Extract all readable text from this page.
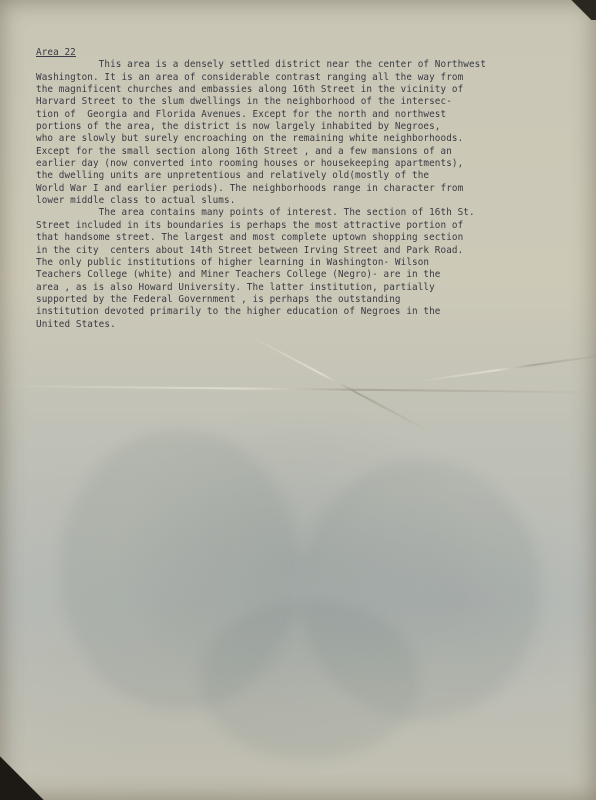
Area 22
This area is a densely settled district near the center of Northwest
Washington. It is an area of considerable contrast ranging all the way from
the magnificent churches and embassies along 16th Street in the vicinity of
Harvard Street to the slum dwellings in the neighborhood of the intersec-
tion of  Georgia and Florida Avenues. Except for the north and northwest
portions of the area, the district is now largely inhabited by Negroes,
who are slowly but surely encroaching on the remaining white neighborhoods.
Except for the small section along 16th Street , and a few mansions of an
earlier day (now converted into rooming houses or housekeeping apartments),
the dwelling units are unpretentious and relatively old(mostly of the
World War I and earlier periods). The neighborhoods range in character from
lower middle class to actual slums.
The area contains many points of interest. The section of 16th St.
Street included in its boundaries is perhaps the most attractive portion of
that handsome street. The largest and most complete uptown shopping section
in the city  centers about 14th Street between Irving Street and Park Road.
The only public institutions of higher learning in Washington- Wilson
Teachers College (white) and Miner Teachers College (Negro)- are in the
area , as is also Howard University. The latter institution, partially
supported by the Federal Government , is perhaps the outstanding
institution devoted primarily to the higher education of Negroes in the
United States.
